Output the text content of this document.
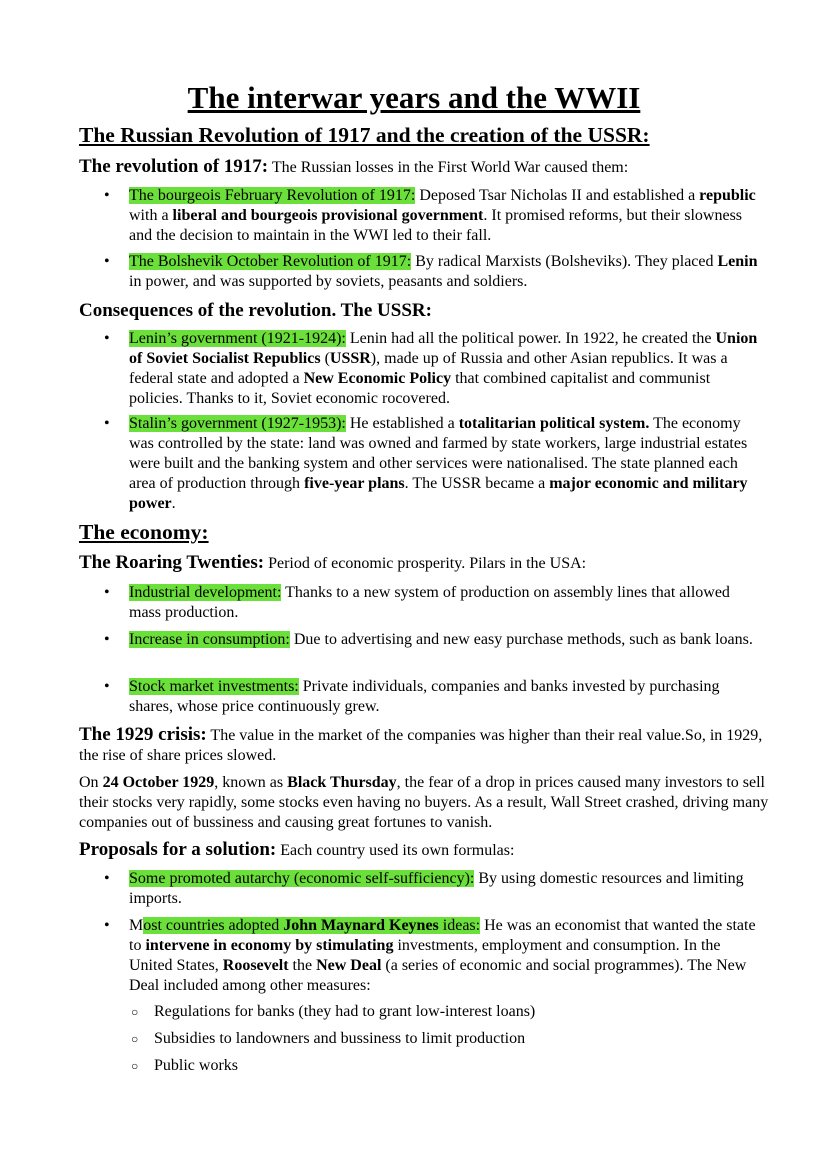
The interwar years and the WWII
The Russian Revolution of 1917 and the creation of the USSR:

The revolution of 1917: The Russian losses in the First World War caused them:

• The bourgeois February Revolution of 1917: Deposed Tsar Nicholas II and established a republic with a liberal and bourgeois provisional government. It promised reforms, but their slowness and the decision to maintain in the WWI led to their fall.
• The Bolshevik October Revolution of 1917: By radical Marxists (Bolsheviks). They placed Lenin in power, and was supported by soviets, peasants and soldiers.

Consequences of the revolution. The USSR:

• Lenin’s government (1921-1924): Lenin had all the political power. In 1922, he created the Union of Soviet Socialist Republics (USSR), made up of Russia and other Asian republics. It was a federal state and adopted a New Economic Policy that combined capitalist and communist policies. Thanks to it, Soviet economic rocovered.
• Stalin’s government (1927-1953): He established a totalitarian political system. The economy was controlled by the state: land was owned and farmed by state workers, large industrial estates were built and the banking system and other services were nationalised. The state planned each area of production through five-year plans. The USSR became a major economic and military power.
The economy:

The Roaring Twenties: Period of economic prosperity. Pilars in the USA:

• Industrial development: Thanks to a new system of production on assembly lines that allowed mass production.
• Increase in consumption: Due to advertising and new easy purchase methods, such as bank loans.
• Stock market investments: Private individuals, companies and banks invested by purchasing shares, whose price continuously grew.

The 1929 crisis: The value in the market of the companies was higher than their real value.So, in 1929, the rise of share prices slowed.

On 24 October 1929, known as Black Thursday, the fear of a drop in prices caused many investors to sell their stocks very rapidly, some stocks even having no buyers. As a result, Wall Street crashed, driving many companies out of bussiness and causing great fortunes to vanish.

Proposals for a solution: Each country used its own formulas:

• Some promoted autarchy (economic self-sufficiency): By using domestic resources and limiting imports.
• Most countries adopted John Maynard Keynes ideas: He was an economist that wanted the state to intervene in economy by stimulating investments, employment and consumption. In the United States, Roosevelt the New Deal (a series of economic and social programmes). The New Deal included among other measures:
○ Regulations for banks (they had to grant low-interest loans)
○ Subsidies to landowners and bussiness to limit production
○ Public works
